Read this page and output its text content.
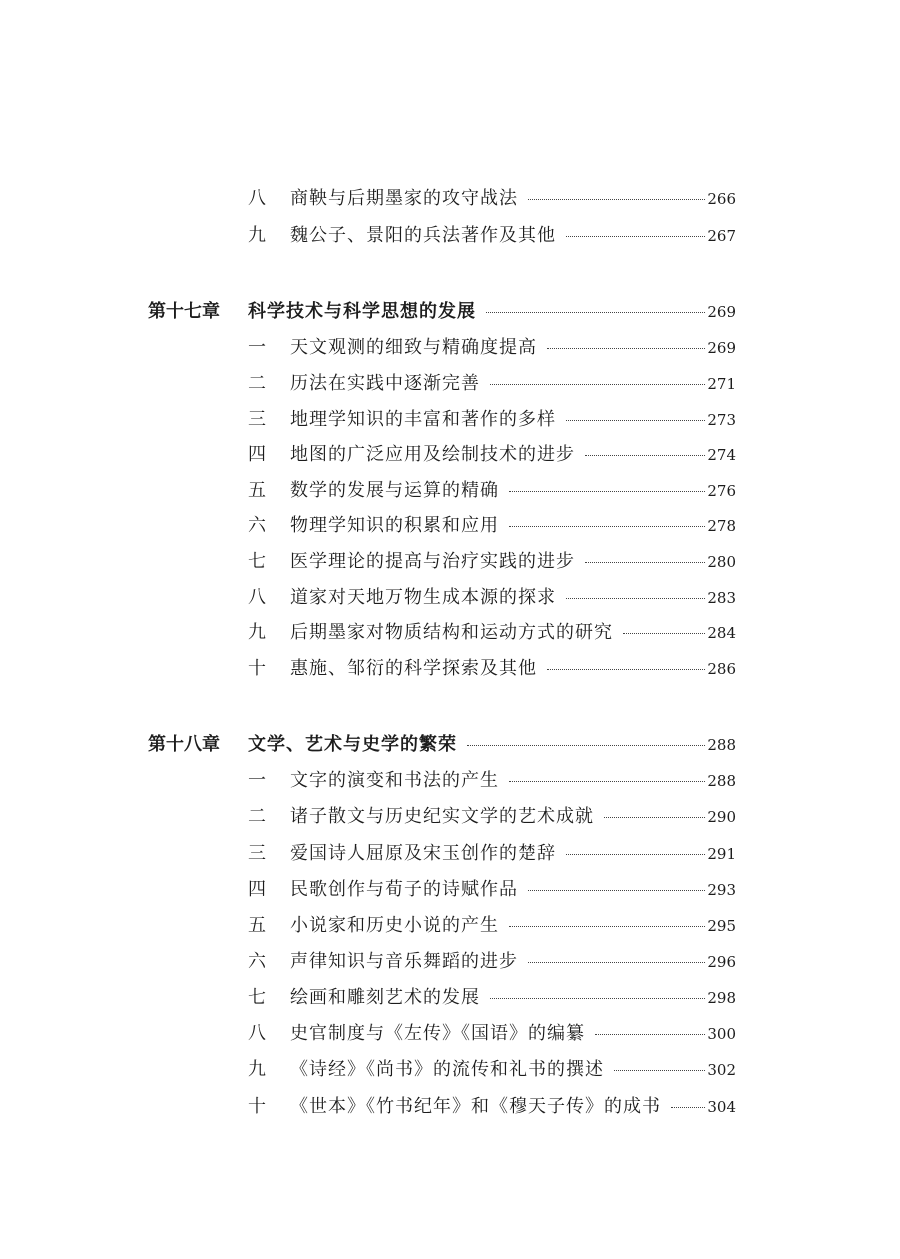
八 商鞅与后期墨家的攻守战法	266
九 魏公子、景阳的兵法著作及其他	267
第十七章 科学技术与科学思想的发展	269
一 天文观测的细致与精确度提高	269
二 历法在实践中逐渐完善	271
三 地理学知识的丰富和著作的多样	273
四 地图的广泛应用及绘制技术的进步	274
五 数学的发展与运算的精确	276
六 物理学知识的积累和应用	278
七 医学理论的提高与治疗实践的进步	280
八 道家对天地万物生成本源的探求	283
九 后期墨家对物质结构和运动方式的研究	284
十 惠施、邹衍的科学探索及其他	286
第十八章 文学、艺术与史学的繁荣	288
一 文字的演变和书法的产生	288
二 诸子散文与历史纪实文学的艺术成就	290
三 爱国诗人屈原及宋玉创作的楚辞	291
四 民歌创作与荀子的诗赋作品	293
五 小说家和历史小说的产生	295
六 声律知识与音乐舞蹈的进步	296
七 绘画和雕刻艺术的发展	298
八 史官制度与《左传》《国语》的编纂	300
九 《诗经》《尚书》的流传和礼书的撰述	302
十 《世本》《竹书纪年》和《穆天子传》的成书	304
